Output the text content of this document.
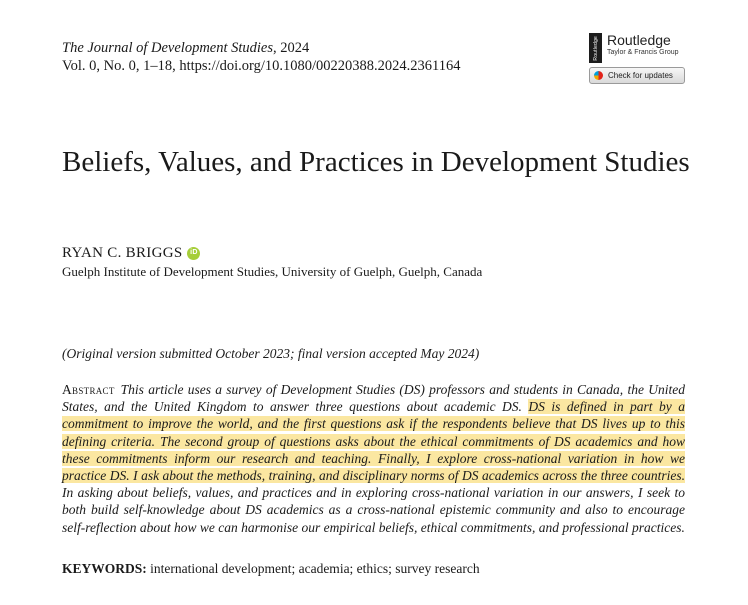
The Journal of Development Studies, 2024
Vol. 0, No. 0, 1–18, https://doi.org/10.1080/00220388.2024.2361164
Routledge Routledge
Taylor & Francis Group
Check for updates
Beliefs, Values, and Practices in Development Studies
RYAN C. BRIGGS	iD
Guelph Institute of Development Studies, University of Guelph, Guelph, Canada
(Original version submitted October 2023; final version accepted May 2024)

Abstract This article uses a survey of Development Studies (DS) professors and students in Canada, the United States, and the United Kingdom to answer three questions about academic DS. DS is defined in part by a commitment to improve the world, and the first questions ask if the respondents believe that DS lives up to this defining criteria. The second group of questions asks about the ethical commitments of DS academics and how these commitments inform our research and teaching. Finally, I explore cross-national variation in how we practice DS. I ask about the methods, training, and disciplinary norms of DS academics across the three countries. In asking about beliefs, values, and practices and in exploring cross-national variation in our answers, I seek to both build self-knowledge about DS academics as a cross-national epistemic community and also to encourage self-reflection about how we can harmonise our empirical beliefs, ethical commitments, and professional practices.

KEYWORDS: international development; academia; ethics; survey research
